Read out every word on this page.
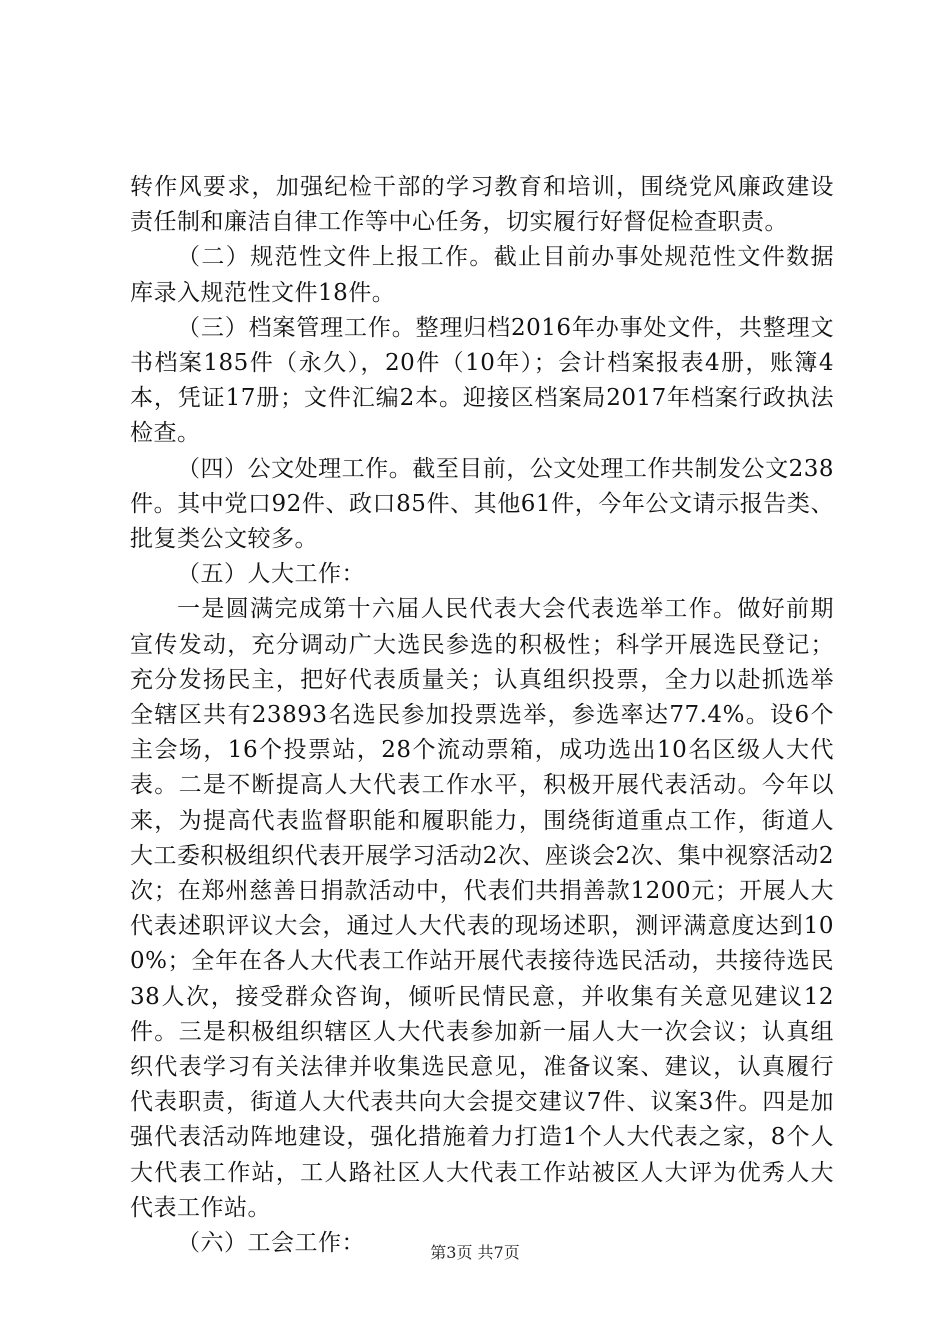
转作风要求，加强纪检干部的学习教育和培训，围绕党风廉政建设责任制和廉洁自律工作等中心任务，切实履行好督促检查职责。

（二）规范性文件上报工作。截止目前办事处规范性文件数据库录入规范性文件18件。

（三）档案管理工作。整理归档2016年办事处文件，共整理文书档案185件（永久），20件（10年）；会计档案报表4册，账簿4本，凭证17册；文件汇编2本。迎接区档案局2017年档案行政执法检查。

（四）公文处理工作。截至目前，公文处理工作共制发公文238件。其中党口92件、政口85件、其他61件，今年公文请示报告类、批复类公文较多。

（五）人大工作：

一是圆满完成第十六届人民代表大会代表选举工作。做好前期宣传发动，充分调动广大选民参选的积极性；科学开展选民登记；充分发扬民主，把好代表质量关；认真组织投票，全力以赴抓选举全辖区共有23893名选民参加投票选举，参选率达77.4%。设6个主会场，16个投票站，28个流动票箱，成功选出10名区级人大代表。二是不断提高人大代表工作水平，积极开展代表活动。今年以来，为提高代表监督职能和履职能力，围绕街道重点工作，街道人大工委积极组织代表开展学习活动2次、座谈会2次、集中视察活动2次；在郑州慈善日捐款活动中，代表们共捐善款1200元；开展人大代表述职评议大会，通过人大代表的现场述职，测评满意度达到100%；全年在各人大代表工作站开展代表接待选民活动，共接待选民38人次，接受群众咨询，倾听民情民意，并收集有关意见建议12件。三是积极组织辖区人大代表参加新一届人大一次会议；认真组织代表学习有关法律并收集选民意见，准备议案、建议，认真履行代表职责，街道人大代表共向大会提交建议7件、议案3件。四是加强代表活动阵地建设，强化措施着力打造1个人大代表之家，8个人大代表工作站，工人路社区人大代表工作站被区人大评为优秀人大代表工作站。

（六）工会工作：	第3页 共7页
